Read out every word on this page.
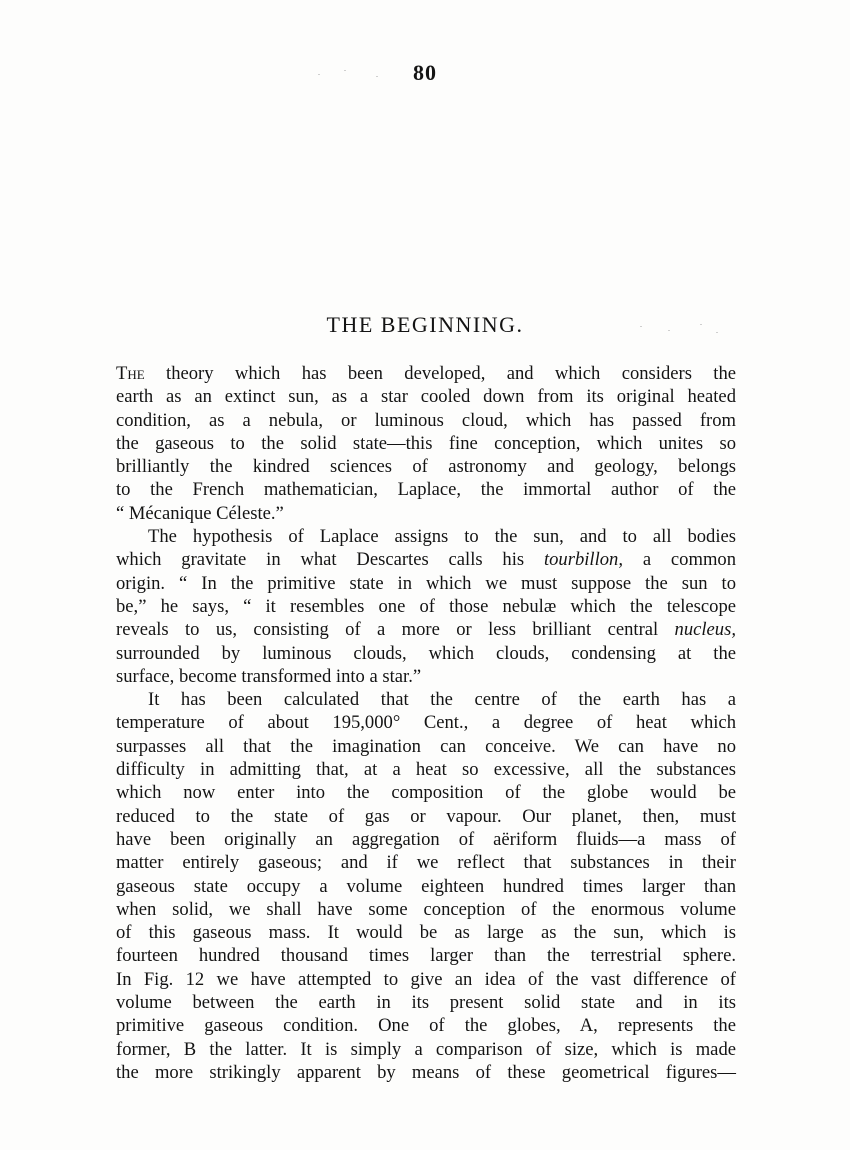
80
THE BEGINNING.
The theory which has been developed, and which considers the
earth as an extinct sun, as a star cooled down from its original heated
condition, as a nebula, or luminous cloud, which has passed from
the gaseous to the solid state—this fine conception, which unites so
brilliantly the kindred sciences of astronomy and geology, belongs
to the French mathematician, Laplace, the immortal author of the
“ Mécanique Céleste.”
The hypothesis of Laplace assigns to the sun, and to all bodies
which gravitate in what Descartes calls his tourbillon, a common
origin. “ In the primitive state in which we must suppose the sun to
be,” he says, “ it resembles one of those nebulæ which the telescope
reveals to us, consisting of a more or less brilliant central nucleus,
surrounded by luminous clouds, which clouds, condensing at the
surface, become transformed into a star.”
It has been calculated that the centre of the earth has a
temperature of about 195,000° Cent., a degree of heat which
surpasses all that the imagination can conceive. We can have no
difficulty in admitting that, at a heat so excessive, all the substances
which now enter into the composition of the globe would be
reduced to the state of gas or vapour. Our planet, then, must
have been originally an aggregation of aëriform fluids—a mass of
matter entirely gaseous; and if we reflect that substances in their
gaseous state occupy a volume eighteen hundred times larger than
when solid, we shall have some conception of the enormous volume
of this gaseous mass. It would be as large as the sun, which is
fourteen hundred thousand times larger than the terrestrial sphere.
In Fig. 12 we have attempted to give an idea of the vast difference of
volume between the earth in its present solid state and in its
primitive gaseous condition. One of the globes, A, represents the
former, B the latter. It is simply a comparison of size, which is made
the more strikingly apparent by means of these geometrical figures—
